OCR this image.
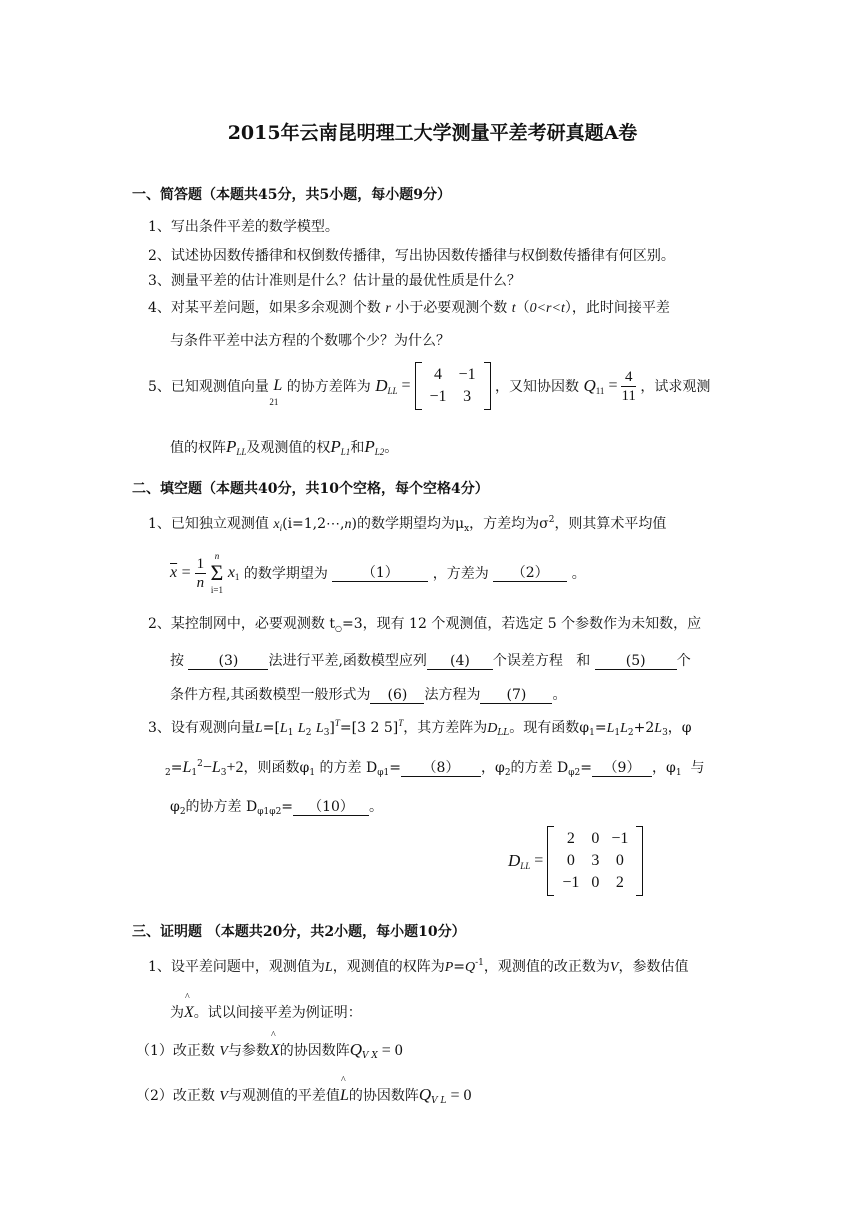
2015年云南昆明理工大学测量平差考研真题A卷
一、简答题（本题共45分，共5小题，每小题9分）
1、写出条件平差的数学模型。
2、试述协因数传播律和权倒数传播律，写出协因数传播律与权倒数传播律有何区别。
3、测量平差的估计准则是什么？估计量的最优性质是什么？
4、对某平差问题，如果多余观测个数 r 小于必要观测个数 t（0<r<t），此时间接平差
与条件平差中法方程的个数哪个少？为什么？
5、已知观测值向量 L
21
的协方差阵为 $D_{LL}$ =
4	−1
−1	3
，又知协因数 $Q_{11} = \frac{4}{11}$ ，试求观测
值的权阵$P_{LL}$及观测值的权$P_{L1}$和$P_{L2}$。
二、填空题（本题共40分，共10个空格，每个空格4分）
1、已知独立观测值 $x_i(i=1,2\cdots,n)$的数学期望均为$\mu_x$，方差均为$\sigma^2$，则其算术平均值
$\overline{x} = \frac{1}{n}$
n
Σ
i=1
$x_1$ 的数学期望为 （1） ，方差为 （2） 。
2、某控制网中，必要观测数 $t_○=3$，现有 12 个观测值，若选定 5 个参数作为未知数，应
按 (3) 法进行平差,函数模型应列 (4) 个误差方程 和	(5) 个
条件方程,其函数模型一般形式为 (6) 法方程为 (7) 。
3、设有观测向量$L=[L_1$ $L_2$ $L_3]^T=[3$ 2 5]$^T$，其方差阵为$D_{LL}$。现有函数$\varphi_1=L_1L_2+2L_3$，φ
$_2=L_1^2-L_3+2$，则函数$\varphi_1$ 的方差 $D_{\varphi 1}= (8)$ ，$\varphi_2$的方差 $D_{\varphi 2}= (9)$ ，$\varphi_1$ 与
$\varphi_2$的协方差 $D_{\varphi 1\varphi 2}= (10)$ 。
$D_{LL}$ =
2	0	−1
0	3	0
−1	0	2
三、证明题 （本题共20分，共2小题，每小题10分）
1、设平差问题中，观测值为L，观测值的权阵为$P=Q^{-1}$，观测值的改正数为V，参数估值
为^ X。试以间接平差为例证明：
（1）改正数 V与参数^ X的协因数阵$Q_{V X} = 0$
（2）改正数 V与观测值的平差值^ L的协因数阵$Q_{V L} = 0$
